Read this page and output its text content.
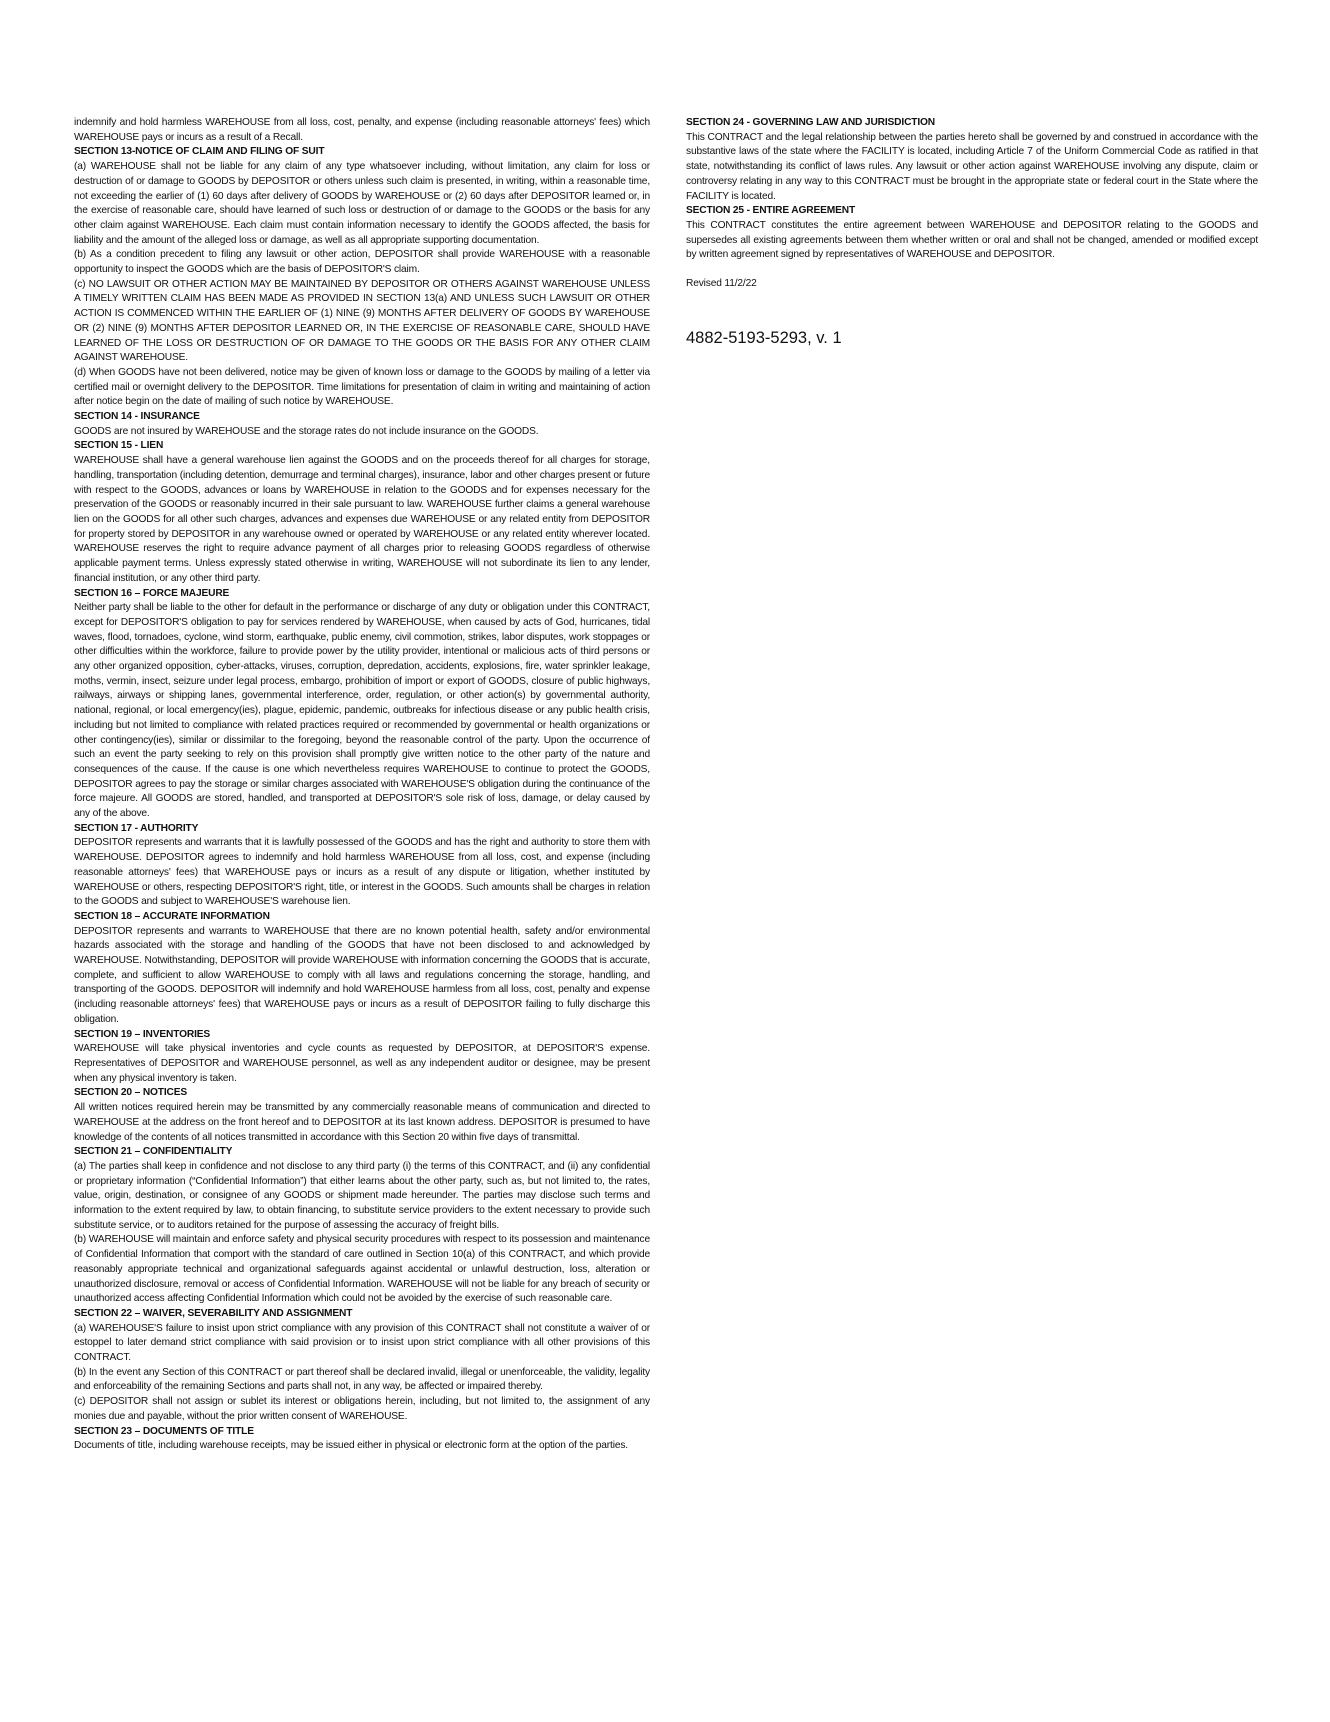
indemnify and hold harmless WAREHOUSE from all loss, cost, penalty, and expense (including reasonable attorneys' fees) which WAREHOUSE pays or incurs as a result of a Recall.

SECTION 13-NOTICE OF CLAIM AND FILING OF SUIT

(a) WAREHOUSE shall not be liable for any claim of any type whatsoever including, without limitation, any claim for loss or destruction of or damage to GOODS by DEPOSITOR or others unless such claim is presented, in writing, within a reasonable time, not exceeding the earlier of (1) 60 days after delivery of GOODS by WAREHOUSE or (2) 60 days after DEPOSITOR learned or, in the exercise of reasonable care, should have learned of such loss or destruction of or damage to the GOODS or the basis for any other claim against WAREHOUSE. Each claim must contain information necessary to identify the GOODS affected, the basis for liability and the amount of the alleged loss or damage, as well as all appropriate supporting documentation.

(b) As a condition precedent to filing any lawsuit or other action, DEPOSITOR shall provide WAREHOUSE with a reasonable opportunity to inspect the GOODS which are the basis of DEPOSITOR'S claim.

(c) NO LAWSUIT OR OTHER ACTION MAY BE MAINTAINED BY DEPOSITOR OR OTHERS AGAINST WAREHOUSE UNLESS A TIMELY WRITTEN CLAIM HAS BEEN MADE AS PROVIDED IN SECTION 13(a) AND UNLESS SUCH LAWSUIT OR OTHER ACTION IS COMMENCED WITHIN THE EARLIER OF (1) NINE (9) MONTHS AFTER DELIVERY OF GOODS BY WAREHOUSE OR (2) NINE (9) MONTHS AFTER DEPOSITOR LEARNED OR, IN THE EXERCISE OF REASONABLE CARE, SHOULD HAVE LEARNED OF THE LOSS OR DESTRUCTION OF OR DAMAGE TO THE GOODS OR THE BASIS FOR ANY OTHER CLAIM AGAINST WAREHOUSE.

(d) When GOODS have not been delivered, notice may be given of known loss or damage to the GOODS by mailing of a letter via certified mail or overnight delivery to the DEPOSITOR. Time limitations for presentation of claim in writing and maintaining of action after notice begin on the date of mailing of such notice by WAREHOUSE.

SECTION 14 - INSURANCE

GOODS are not insured by WAREHOUSE and the storage rates do not include insurance on the GOODS.

SECTION 15 - LIEN

WAREHOUSE shall have a general warehouse lien against the GOODS and on the proceeds thereof for all charges for storage, handling, transportation (including detention, demurrage and terminal charges), insurance, labor and other charges present or future with respect to the GOODS, advances or loans by WAREHOUSE in relation to the GOODS and for expenses necessary for the preservation of the GOODS or reasonably incurred in their sale pursuant to law. WAREHOUSE further claims a general warehouse lien on the GOODS for all other such charges, advances and expenses due WAREHOUSE or any related entity from DEPOSITOR for property stored by DEPOSITOR in any warehouse owned or operated by WAREHOUSE or any related entity wherever located. WAREHOUSE reserves the right to require advance payment of all charges prior to releasing GOODS regardless of otherwise applicable payment terms. Unless expressly stated otherwise in writing, WAREHOUSE will not subordinate its lien to any lender, financial institution, or any other third party.

SECTION 16 – FORCE MAJEURE

Neither party shall be liable to the other for default in the performance or discharge of any duty or obligation under this CONTRACT, except for DEPOSITOR'S obligation to pay for services rendered by WAREHOUSE, when caused by acts of God, hurricanes, tidal waves, flood, tornadoes, cyclone, wind storm, earthquake, public enemy, civil commotion, strikes, labor disputes, work stoppages or other difficulties within the workforce, failure to provide power by the utility provider, intentional or malicious acts of third persons or any other organized opposition, cyber-attacks, viruses, corruption, depredation, accidents, explosions, fire, water sprinkler leakage, moths, vermin, insect, seizure under legal process, embargo, prohibition of import or export of GOODS, closure of public highways, railways, airways or shipping lanes, governmental interference, order, regulation, or other action(s) by governmental authority, national, regional, or local emergency(ies), plague, epidemic, pandemic, outbreaks for infectious disease or any public health crisis, including but not limited to compliance with related practices required or recommended by governmental or health organizations or other contingency(ies), similar or dissimilar to the foregoing, beyond the reasonable control of the party. Upon the occurrence of such an event the party seeking to rely on this provision shall promptly give written notice to the other party of the nature and consequences of the cause. If the cause is one which nevertheless requires WAREHOUSE to continue to protect the GOODS, DEPOSITOR agrees to pay the storage or similar charges associated with WAREHOUSE'S obligation during the continuance of the force majeure. All GOODS are stored, handled, and transported at DEPOSITOR'S sole risk of loss, damage, or delay caused by any of the above.

SECTION 17 - AUTHORITY

DEPOSITOR represents and warrants that it is lawfully possessed of the GOODS and has the right and authority to store them with WAREHOUSE. DEPOSITOR agrees to indemnify and hold harmless WAREHOUSE from all loss, cost, and expense (including reasonable attorneys' fees) that WAREHOUSE pays or incurs as a result of any dispute or litigation, whether instituted by WAREHOUSE or others, respecting DEPOSITOR'S right, title, or interest in the GOODS. Such amounts shall be charges in relation to the GOODS and subject to WAREHOUSE'S warehouse lien.

SECTION 18 – ACCURATE INFORMATION

DEPOSITOR represents and warrants to WAREHOUSE that there are no known potential health, safety and/or environmental hazards associated with the storage and handling of the GOODS that have not been disclosed to and acknowledged by WAREHOUSE. Notwithstanding, DEPOSITOR will provide WAREHOUSE with information concerning the GOODS that is accurate, complete, and sufficient to allow WAREHOUSE to comply with all laws and regulations concerning the storage, handling, and transporting of the GOODS. DEPOSITOR will indemnify and hold WAREHOUSE harmless from all loss, cost, penalty and expense (including reasonable attorneys' fees) that WAREHOUSE pays or incurs as a result of DEPOSITOR failing to fully discharge this obligation.

SECTION 19 – INVENTORIES

WAREHOUSE will take physical inventories and cycle counts as requested by DEPOSITOR, at DEPOSITOR'S expense. Representatives of DEPOSITOR and WAREHOUSE personnel, as well as any independent auditor or designee, may be present when any physical inventory is taken.

SECTION 20 – NOTICES

All written notices required herein may be transmitted by any commercially reasonable means of communication and directed to WAREHOUSE at the address on the front hereof and to DEPOSITOR at its last known address. DEPOSITOR is presumed to have knowledge of the contents of all notices transmitted in accordance with this Section 20 within five days of transmittal.

SECTION 21 – CONFIDENTIALITY

(a) The parties shall keep in confidence and not disclose to any third party (i) the terms of this CONTRACT, and (ii) any confidential or proprietary information (“Confidential Information”) that either learns about the other party, such as, but not limited to, the rates, value, origin, destination, or consignee of any GOODS or shipment made hereunder. The parties may disclose such terms and information to the extent required by law, to obtain financing, to substitute service providers to the extent necessary to provide such substitute service, or to auditors retained for the purpose of assessing the accuracy of freight bills.

(b) WAREHOUSE will maintain and enforce safety and physical security procedures with respect to its possession and maintenance of Confidential Information that comport with the standard of care outlined in Section 10(a) of this CONTRACT, and which provide reasonably appropriate technical and organizational safeguards against accidental or unlawful destruction, loss, alteration or unauthorized disclosure, removal or access of Confidential Information. WAREHOUSE will not be liable for any breach of security or unauthorized access affecting Confidential Information which could not be avoided by the exercise of such reasonable care.

SECTION 22 – WAIVER, SEVERABILITY AND ASSIGNMENT

(a) WAREHOUSE'S failure to insist upon strict compliance with any provision of this CONTRACT shall not constitute a waiver of or estoppel to later demand strict compliance with said provision or to insist upon strict compliance with all other provisions of this CONTRACT.

(b) In the event any Section of this CONTRACT or part thereof shall be declared invalid, illegal or unenforceable, the validity, legality and enforceability of the remaining Sections and parts shall not, in any way, be affected or impaired thereby.

(c) DEPOSITOR shall not assign or sublet its interest or obligations herein, including, but not limited to, the assignment of any monies due and payable, without the prior written consent of WAREHOUSE.

SECTION 23 – DOCUMENTS OF TITLE

Documents of title, including warehouse receipts, may be issued either in physical or electronic form at the option of the parties.

SECTION 24 - GOVERNING LAW AND JURISDICTION

This CONTRACT and the legal relationship between the parties hereto shall be governed by and construed in accordance with the substantive laws of the state where the FACILITY is located, including Article 7 of the Uniform Commercial Code as ratified in that state, notwithstanding its conflict of laws rules. Any lawsuit or other action against WAREHOUSE involving any dispute, claim or controversy relating in any way to this CONTRACT must be brought in the appropriate state or federal court in the State where the FACILITY is located.

SECTION 25 - ENTIRE AGREEMENT

This CONTRACT constitutes the entire agreement between WAREHOUSE and DEPOSITOR relating to the GOODS and supersedes all existing agreements between them whether written or oral and shall not be changed, amended or modified except by written agreement signed by representatives of WAREHOUSE and DEPOSITOR.

Revised 11/2/22

4882-5193-5293, v. 1
